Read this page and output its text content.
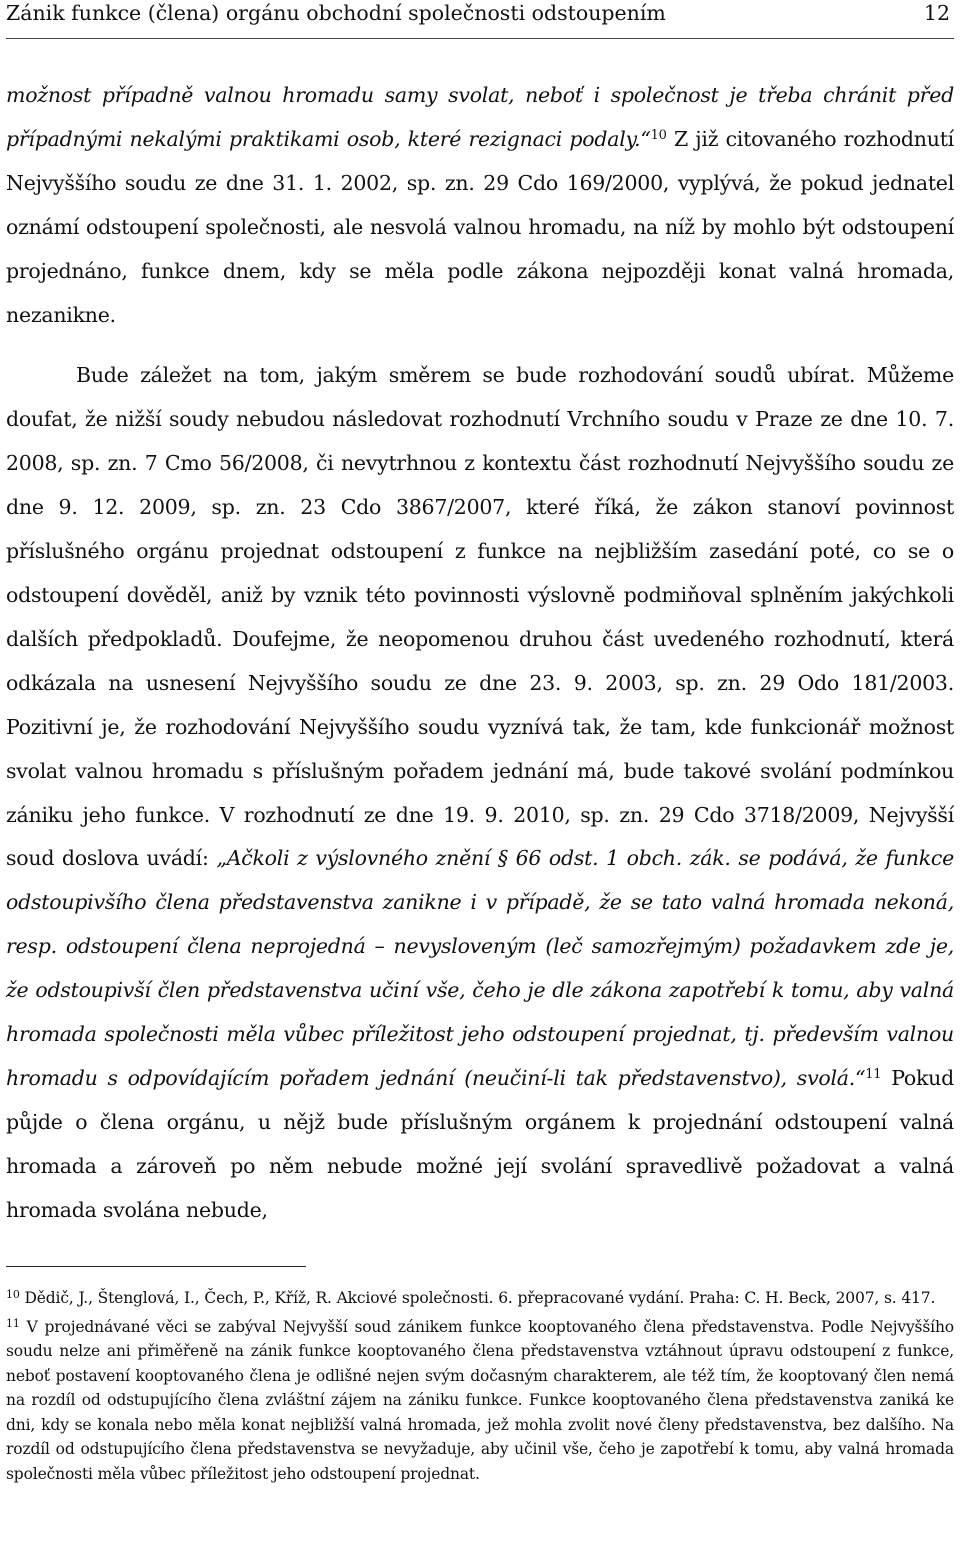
Zánik funkce (člena) orgánu obchodní společnosti odstoupením	12

možnost případně valnou hromadu samy svolat, neboť i společnost je třeba chránit před případnými nekalými praktikami osob, které rezignaci podaly.“$^{10}$ Z již citovaného rozhodnutí Nejvyššího soudu ze dne 31. 1. 2002, sp. zn. 29 Cdo 169/2000, vyplývá, že pokud jednatel oznámí odstoupení společnosti, ale nesvolá valnou hromadu, na níž by mohlo být odstoupení projednáno, funkce dnem, kdy se měla podle zákona nejpozději konat valná hromada, nezanikne.

Bude záležet na tom, jakým směrem se bude rozhodování soudů ubírat. Můžeme doufat, že nižší soudy nebudou následovat rozhodnutí Vrchního soudu v Praze ze dne 10. 7. 2008, sp. zn. 7 Cmo 56/2008, či nevytrhnou z kontextu část rozhodnutí Nejvyššího soudu ze dne 9. 12. 2009, sp. zn. 23 Cdo 3867/2007, které říká, že zákon stanoví povinnost příslušného orgánu projednat odstoupení z funkce na nejbližším zasedání poté, co se o odstoupení dověděl, aniž by vznik této povinnosti výslovně podmiňoval splněním jakýchkoli dalších předpokladů. Doufejme, že neopomenou druhou část uvedeného rozhodnutí, která odkázala na usnesení Nejvyššího soudu ze dne 23. 9. 2003, sp. zn. 29 Odo 181/2003. Pozitivní je, že rozhodování Nejvyššího soudu vyznívá tak, že tam, kde funkcionář možnost svolat valnou hromadu s příslušným pořadem jednání má, bude takové svolání podmínkou zániku jeho funkce. V rozhodnutí ze dne 19. 9. 2010, sp. zn. 29 Cdo 3718/2009, Nejvyšší soud doslova uvádí: „Ačkoli z výslovného znění § 66 odst. 1 obch. zák. se podává, že funkce odstoupivšího člena představenstva zanikne i v případě, že se tato valná hromada nekoná, resp. odstoupení člena neprojedná – nevysloveným (leč samozřejmým) požadavkem zde je, že odstoupivší člen představenstva učiní vše, čeho je dle zákona zapotřebí k tomu, aby valná hromada společnosti měla vůbec příležitost jeho odstoupení projednat, tj. především valnou hromadu s odpovídajícím pořadem jednání (neučiní-li tak představenstvo), svolá.“$^{11}$ Pokud půjde o člena orgánu, u nějž bude příslušným orgánem k projednání odstoupení valná hromada a zároveň po něm nebude možné její svolání spravedlivě požadovat a valná hromada svolána nebude,

$^{10}$ Dědič, J., Štenglová, I., Čech, P., Kříž, R. Akciové společnosti. 6. přepracované vydání. Praha: C. H. Beck, 2007, s. 417.

$^{11}$ V projednávané věci se zabýval Nejvyšší soud zánikem funkce kooptovaného člena představenstva. Podle Nejvyššího soudu nelze ani přiměřeně na zánik funkce kooptovaného člena představenstva vztáhnout úpravu odstoupení z funkce, neboť postavení kooptovaného člena je odlišné nejen svým dočasným charakterem, ale též tím, že kooptovaný člen nemá na rozdíl od odstupujícího člena zvláštní zájem na zániku funkce. Funkce kooptovaného člena představenstva zaniká ke dni, kdy se konala nebo měla konat nejbližší valná hromada, jež mohla zvolit nové členy představenstva, bez dalšího. Na rozdíl od odstupujícího člena představenstva se nevyžaduje, aby učinil vše, čeho je zapotřebí k tomu, aby valná hromada společnosti měla vůbec příležitost jeho odstoupení projednat.
